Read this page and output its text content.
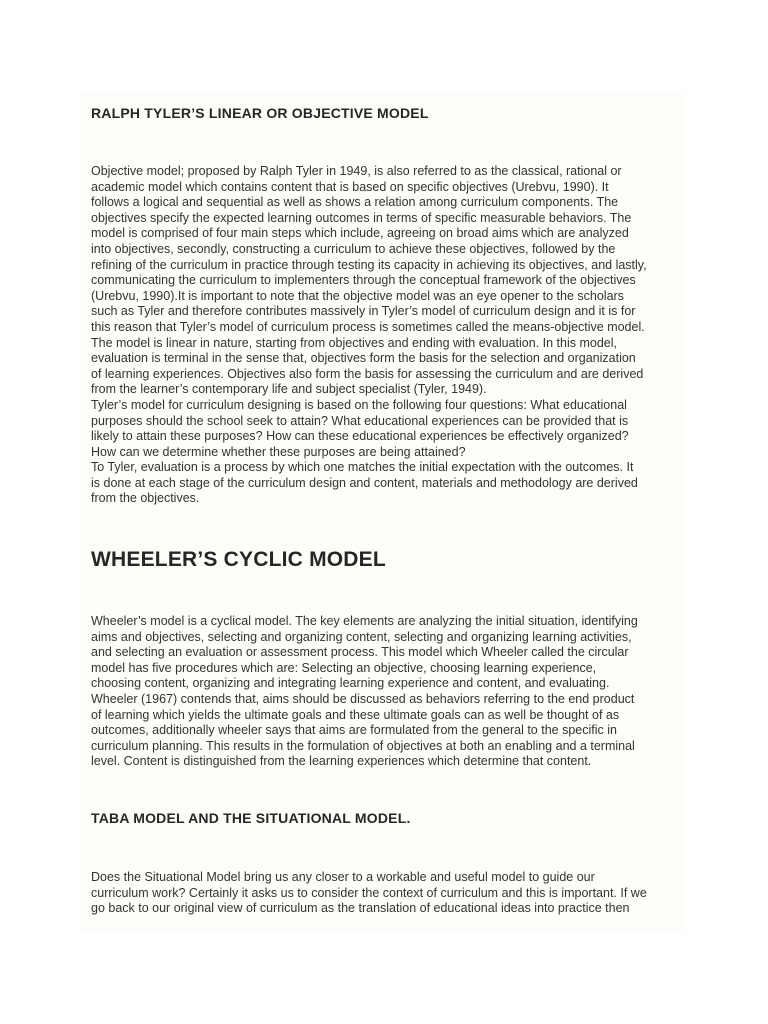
RALPH TYLER’S LINEAR OR OBJECTIVE MODEL

Objective model; proposed by Ralph Tyler in 1949, is also referred to as the classical, rational or
academic model which contains content that is based on specific objectives (Urebvu, 1990). It
follows a logical and sequential as well as shows a relation among curriculum components. The
objectives specify the expected learning outcomes in terms of specific measurable behaviors. The
model is comprised of four main steps which include, agreeing on broad aims which are analyzed
into objectives, secondly, constructing a curriculum to achieve these objectives, followed by the
refining of the curriculum in practice through testing its capacity in achieving its objectives, and lastly,
communicating the curriculum to implementers through the conceptual framework of the objectives
(Urebvu, 1990).It is important to note that the objective model was an eye opener to the scholars
such as Tyler and therefore contributes massively in Tyler’s model of curriculum design and it is for
this reason that Tyler’s model of curriculum process is sometimes called the means-objective model.
The model is linear in nature, starting from objectives and ending with evaluation. In this model,
evaluation is terminal in the sense that, objectives form the basis for the selection and organization
of learning experiences. Objectives also form the basis for assessing the curriculum and are derived
from the learner’s contemporary life and subject specialist (Tyler, 1949).
Tyler’s model for curriculum designing is based on the following four questions: What educational
purposes should the school seek to attain? What educational experiences can be provided that is
likely to attain these purposes? How can these educational experiences be effectively organized?
How can we determine whether these purposes are being attained?
To Tyler, evaluation is a process by which one matches the initial expectation with the outcomes. It
is done at each stage of the curriculum design and content, materials and methodology are derived
from the objectives.

WHEELER’S CYCLIC MODEL

Wheeler’s model is a cyclical model. The key elements are analyzing the initial situation, identifying
aims and objectives, selecting and organizing content, selecting and organizing learning activities,
and selecting an evaluation or assessment process. This model which Wheeler called the circular
model has five procedures which are: Selecting an objective, choosing learning experience,
choosing content, organizing and integrating learning experience and content, and evaluating.
Wheeler (1967) contends that, aims should be discussed as behaviors referring to the end product
of learning which yields the ultimate goals and these ultimate goals can as well be thought of as
outcomes, additionally wheeler says that aims are formulated from the general to the specific in
curriculum planning. This results in the formulation of objectives at both an enabling and a terminal
level. Content is distinguished from the learning experiences which determine that content.

TABA MODEL AND THE SITUATIONAL MODEL.

Does the Situational Model bring us any closer to a workable and useful model to guide our
curriculum work? Certainly it asks us to consider the context of curriculum and this is important. If we
go back to our original view of curriculum as the translation of educational ideas into practice then
